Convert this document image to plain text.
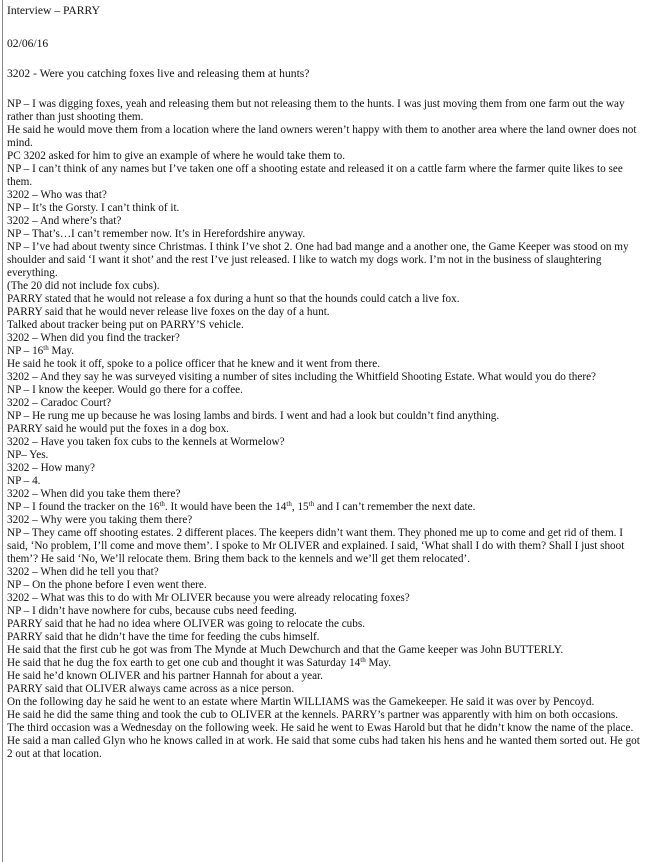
Interview – PARRY
02/06/16
3202 - Were you catching foxes live and releasing them at hunts?

NP – I was digging foxes, yeah and releasing them but not releasing them to the hunts. I was just moving them from one farm out the way rather than just shooting them.

He said he would move them from a location where the land owners weren’t happy with them to another area where the land owner does not mind.

PC 3202 asked for him to give an example of where he would take them to.

NP – I can’t think of any names but I’ve taken one off a shooting estate and released it on a cattle farm where the farmer quite likes to see them.

3202 – Who was that?

NP – It’s the Gorsty. I can’t think of it.

3202 – And where’s that?

NP – That’s…I can’t remember now. It’s in Herefordshire anyway.

NP – I’ve had about twenty since Christmas. I think I’ve shot 2. One had bad mange and a another one, the Game Keeper was stood on my shoulder and said ‘I want it shot’ and the rest I’ve just released. I like to watch my dogs work. I’m not in the business of slaughtering everything.

(The 20 did not include fox cubs).

PARRY stated that he would not release a fox during a hunt so that the hounds could catch a live fox.

PARRY said that he would never release live foxes on the day of a hunt.

Talked about tracker being put on PARRY’S vehicle.

3202 – When did you find the tracker?

NP – 16th May.

He said he took it off, spoke to a police officer that he knew and it went from there.

3202 – And they say he was surveyed visiting a number of sites including the Whitfield Shooting Estate. What would you do there?

NP – I know the keeper. Would go there for a coffee.

3202 – Caradoc Court?

NP – He rung me up because he was losing lambs and birds. I went and had a look but couldn’t find anything.

PARRY said he would put the foxes in a dog box.

3202 – Have you taken fox cubs to the kennels at Wormelow?

NP– Yes.

3202 – How many?

NP – 4.

3202 – When did you take them there?

NP – I found the tracker on the 16th. It would have been the 14th, 15th and I can’t remember the next date.

3202 – Why were you taking them there?

NP – They came off shooting estates. 2 different places. The keepers didn’t want them. They phoned me up to come and get rid of them. I said, ‘No problem, I’ll come and move them’. I spoke to Mr OLIVER and explained. I said, ‘What shall I do with them? Shall I just shoot them’? He said ‘No, We’ll relocate them. Bring them back to the kennels and we’ll get them relocated’.

3202 – When did he tell you that?

NP – On the phone before I even went there.

3202 – What was this to do with Mr OLIVER because you were already relocating foxes?

NP – I didn’t have nowhere for cubs, because cubs need feeding.

PARRY said that he had no idea where OLIVER was going to relocate the cubs.

PARRY said that he didn’t have the time for feeding the cubs himself.

He said that the first cub he got was from The Mynde at Much Dewchurch and that the Game keeper was John BUTTERLY.

He said that he dug the fox earth to get one cub and thought it was Saturday 14th May.

He said he’d known OLIVER and his partner Hannah for about a year.

PARRY said that OLIVER always came across as a nice person.

On the following day he said he went to an estate where Martin WILLIAMS was the Gamekeeper. He said it was over by Pencoyd.

He said he did the same thing and took the cub to OLIVER at the kennels. PARRY’s partner was apparently with him on both occasions.

The third occasion was a Wednesday on the following week. He said he went to Ewas Harold but that he didn’t know the name of the place. He said a man called Glyn who he knows called in at work. He said that some cubs had taken his hens and he wanted them sorted out. He got 2 out at that location.
